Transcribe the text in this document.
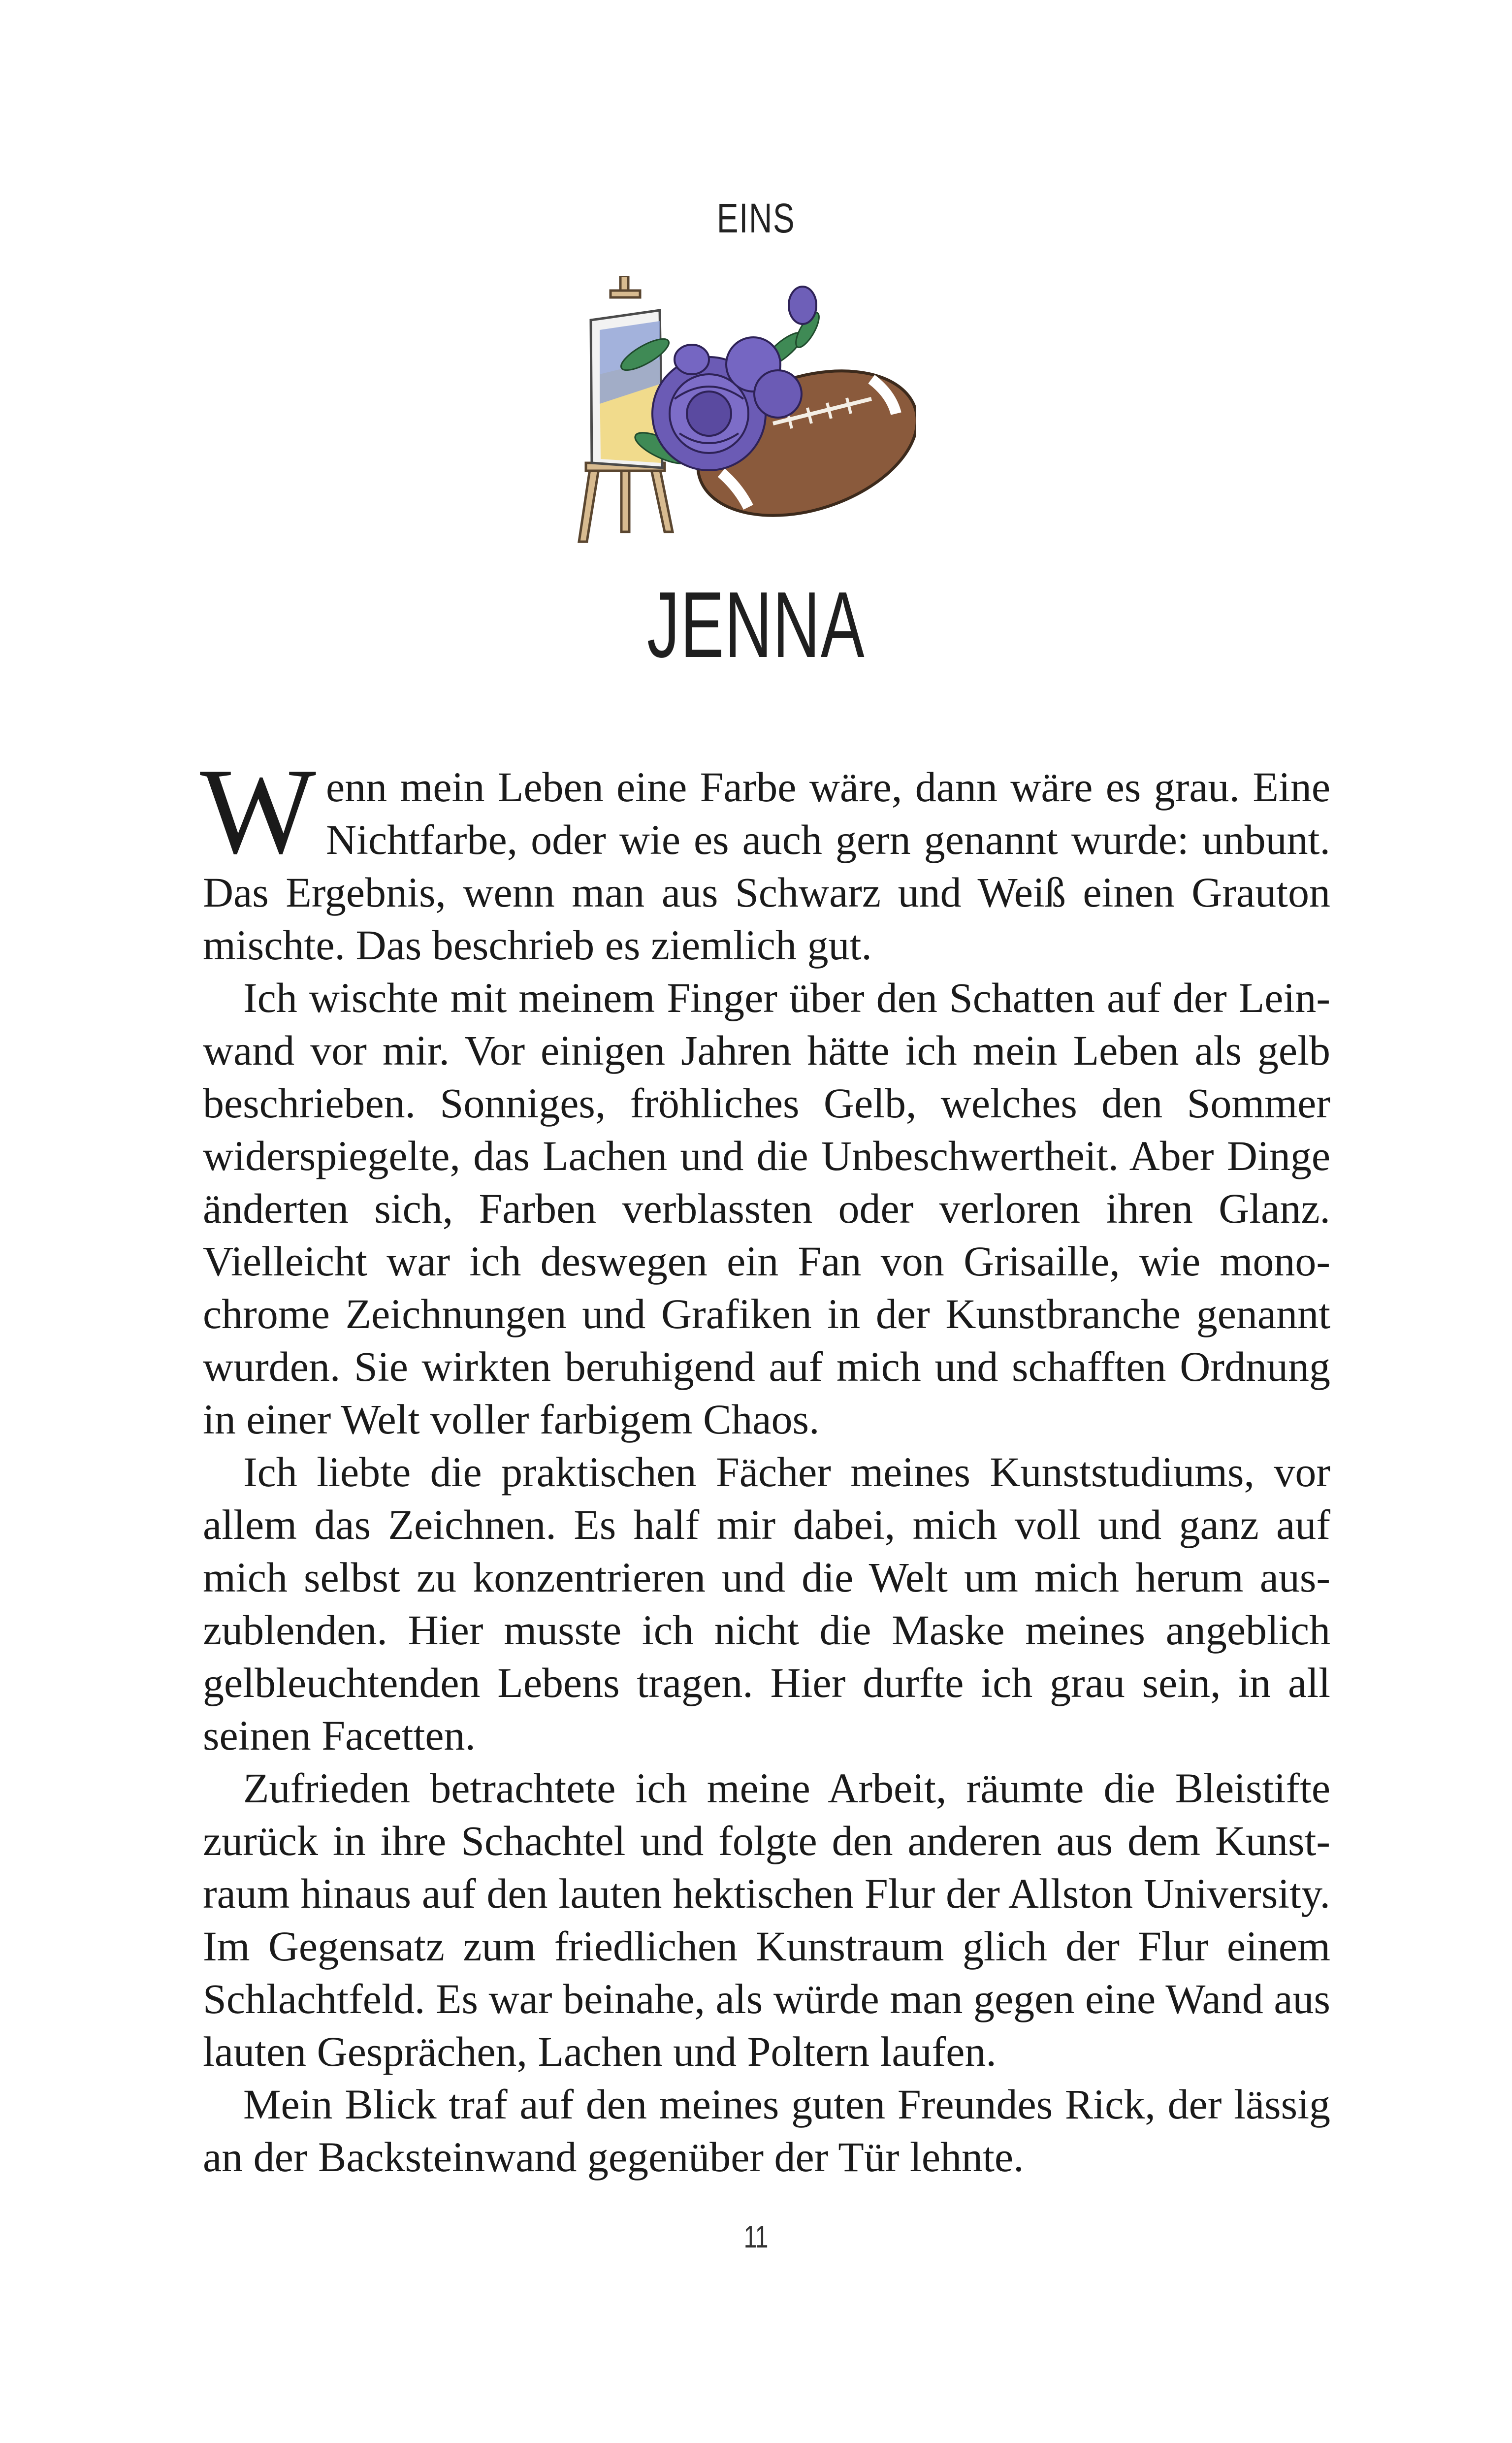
EINS
JENNA

Wenn mein Leben eine Farbe wäre, dann wäre es grau. Eine Nichtfarbe, oder wie es auch gern genannt wurde: unbunt. Das Ergebnis, wenn man aus Schwarz und Weiß einen Grauton mischte. Das beschrieb es ziemlich gut.

Ich wischte mit meinem Finger über den Schatten auf der Leinwand vor mir. Vor einigen Jahren hätte ich mein Leben als gelb beschrieben. Sonniges, fröhliches Gelb, welches den Sommer widerspiegelte, das Lachen und die Unbeschwertheit. Aber Dinge änderten sich, Farben verblassten oder verloren ihren Glanz. Vielleicht war ich deswegen ein Fan von Grisaille, wie monochrome Zeichnungen und Grafiken in der Kunstbranche genannt wurden. Sie wirkten beruhigend auf mich und schafften Ordnung in einer Welt voller farbigem Chaos.

Ich liebte die praktischen Fächer meines Kunststudiums, vor allem das Zeichnen. Es half mir dabei, mich voll und ganz auf mich selbst zu konzentrieren und die Welt um mich herum auszublenden. Hier musste ich nicht die Maske meines angeblich gelbleuchtenden Lebens tragen. Hier durfte ich grau sein, in all seinen Facetten.

Zufrieden betrachtete ich meine Arbeit, räumte die Bleistifte zurück in ihre Schachtel und folgte den anderen aus dem Kunstraum hinaus auf den lauten hektischen Flur der Allston University. Im Gegensatz zum friedlichen Kunstraum glich der Flur einem Schlachtfeld. Es war beinahe, als würde man gegen eine Wand aus lauten Gesprächen, Lachen und Poltern laufen.

Mein Blick traf auf den meines guten Freundes Rick, der lässig an der Backsteinwand gegenüber der Tür lehnte.

11
